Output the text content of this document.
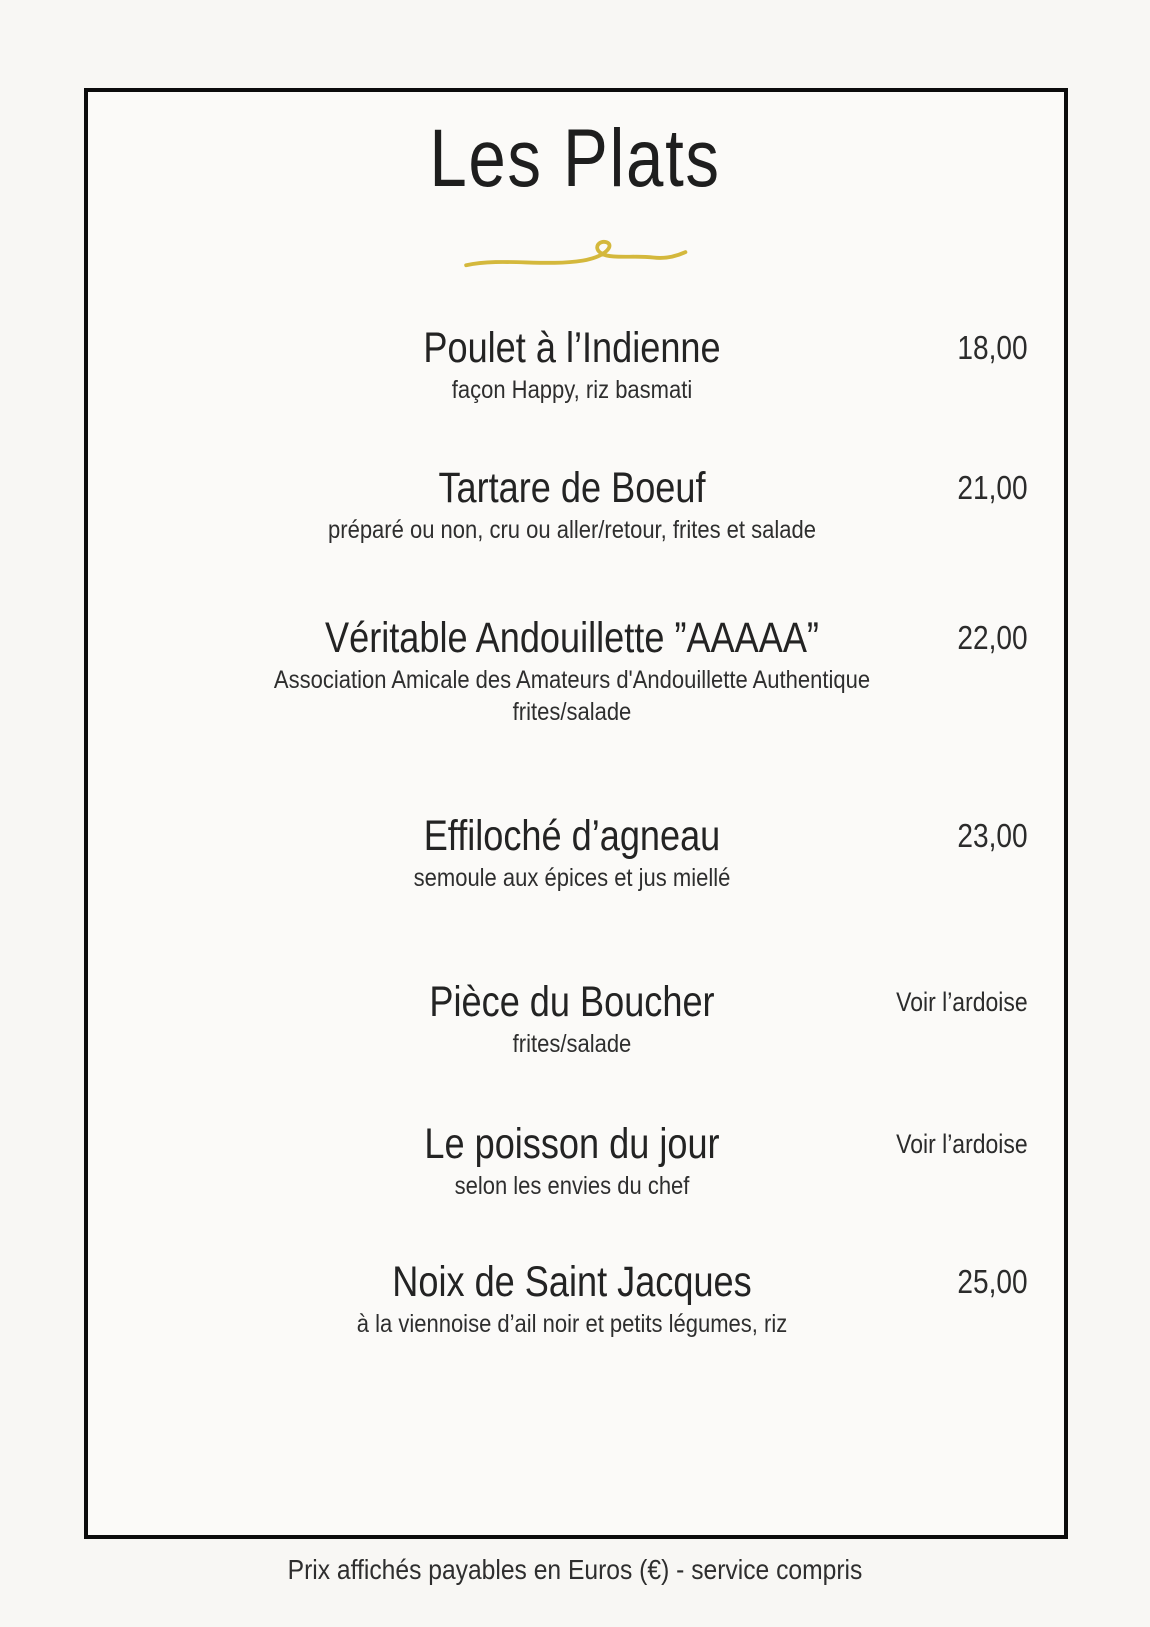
Les Plats
Poulet à l’Indienne
façon Happy, riz basmati
18,00
Tartare de Boeuf
préparé ou non, cru ou aller/retour, frites et salade
21,00
Véritable Andouillette ”AAAAA”
Association Amicale des Amateurs d'Andouillette Authentique
frites/salade
22,00
Effiloché d’agneau
semoule aux épices et jus miellé
23,00
Pièce du Boucher
frites/salade
Voir l’ardoise
Le poisson du jour
selon les envies du chef
Voir l’ardoise
Noix de Saint Jacques
à la viennoise d’ail noir et petits légumes, riz
25,00
Prix affichés payables en Euros (€) - service compris
